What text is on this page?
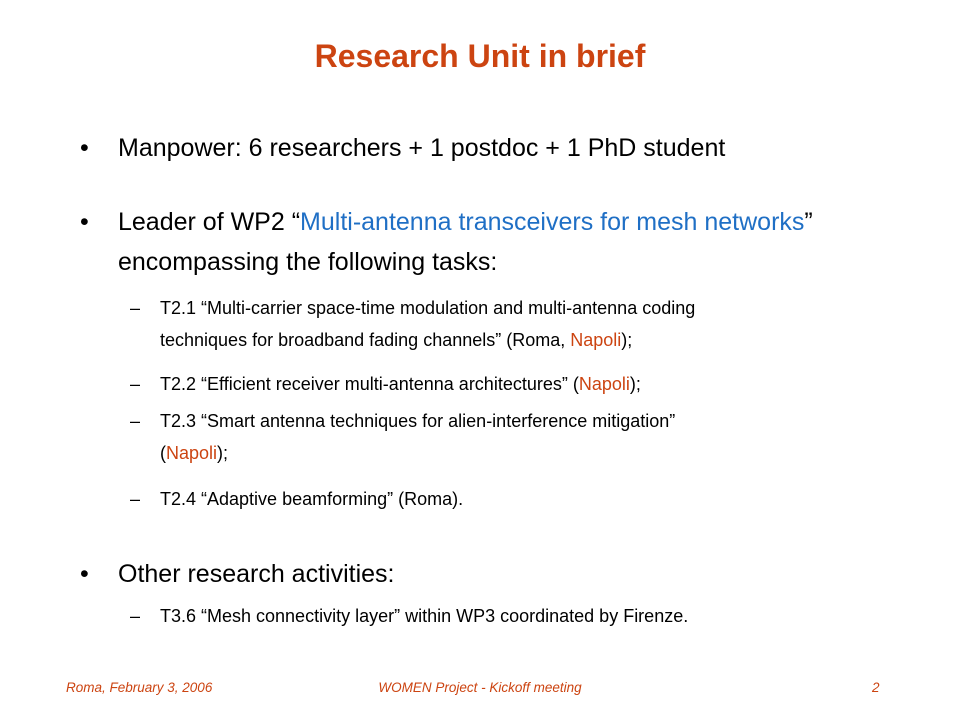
Research Unit in brief
• Manpower: 6 researchers + 1 postdoc + 1 PhD student
• Leader of WP2 “Multi-antenna transceivers for mesh networks” encompassing the following tasks:
– T2.1 “Multi-carrier space-time modulation and multi-antenna coding
techniques for broadband fading channels” (Roma, Napoli);
– T2.2 “Efficient receiver multi-antenna architectures” (Napoli);
– T2.3 “Smart antenna techniques for alien-interference mitigation”
(Napoli);
– T2.4 “Adaptive beamforming” (Roma).
• Other research activities:
– T3.6 “Mesh connectivity layer” within WP3 coordinated by Firenze.
Roma, February 3, 2006	WOMEN Project - Kickoff meeting	2
